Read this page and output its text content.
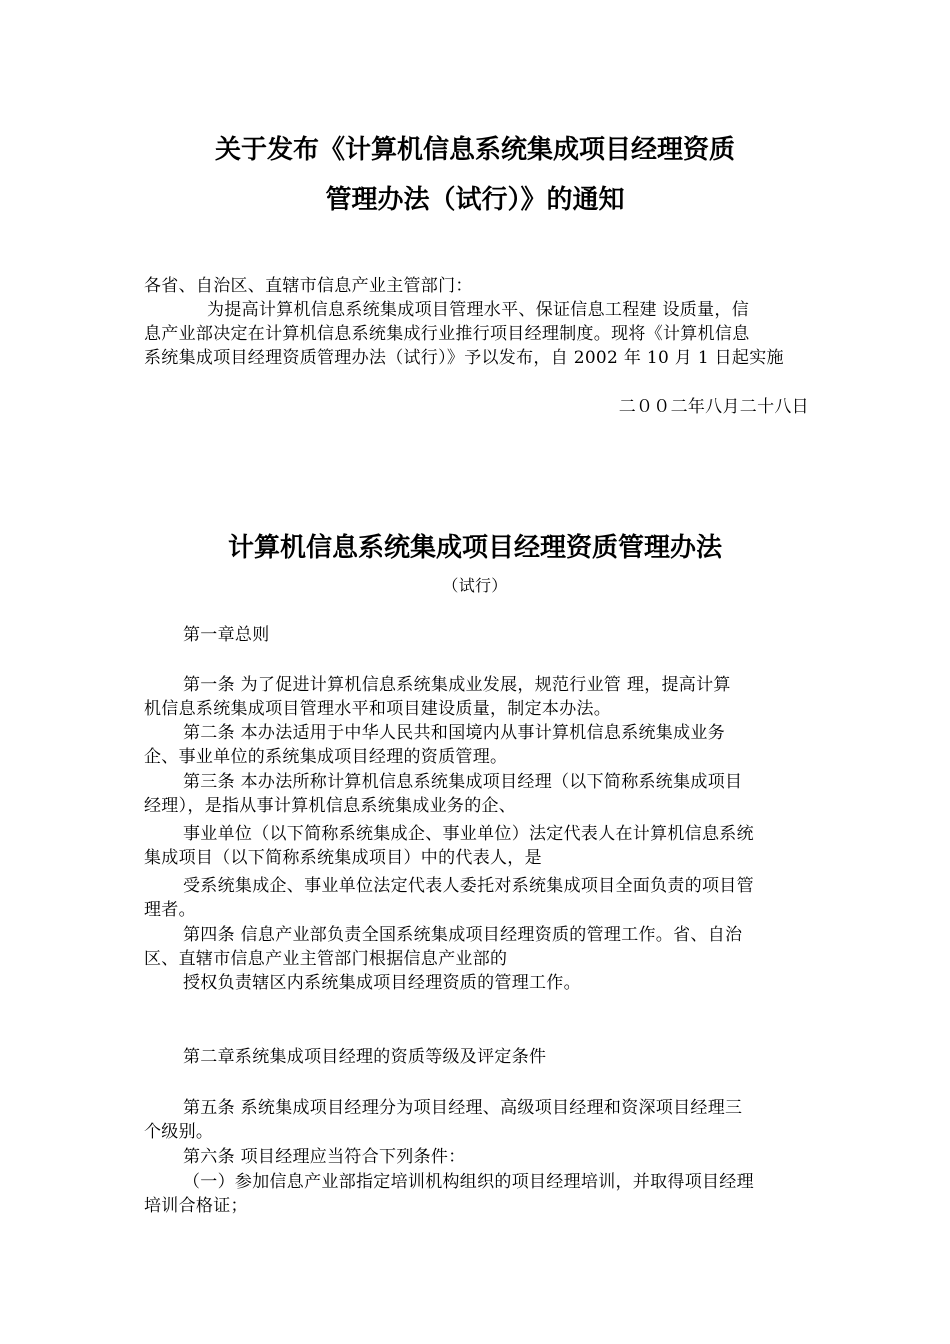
关于发布《计算机信息系统集成项目经理资质
管理办法（试行）》的通知
各省、自治区、直辖市信息产业主管部门：
为提高计算机信息系统集成项目管理水平、保证信息工程建 设质量，信
息产业部决定在计算机信息系统集成行业推行项目经理制度。现将《计算机信息
系统集成项目经理资质管理办法（试行）》予以发布，自 2002 年 10 月 1 日起实施
二００二年八月二十八日
计算机信息系统集成项目经理资质管理办法
（试行）
第一章总则
第一条 为了促进计算机信息系统集成业发展，规范行业管 理，提高计算
机信息系统集成项目管理水平和项目建设质量，制定本办法。
第二条 本办法适用于中华人民共和国境内从事计算机信息系统集成业务
企、事业单位的系统集成项目经理的资质管理。
第三条 本办法所称计算机信息系统集成项目经理（以下简称系统集成项目
经理），是指从事计算机信息系统集成业务的企、
事业单位（以下简称系统集成企、事业单位）法定代表人在计算机信息系统
集成项目（以下简称系统集成项目）中的代表人，是
受系统集成企、事业单位法定代表人委托对系统集成项目全面负责的项目管
理者。
第四条 信息产业部负责全国系统集成项目经理资质的管理工作。省、自治
区、直辖市信息产业主管部门根据信息产业部的
授权负责辖区内系统集成项目经理资质的管理工作。
第二章系统集成项目经理的资质等级及评定条件
第五条 系统集成项目经理分为项目经理、高级项目经理和资深项目经理三
个级别。
第六条 项目经理应当符合下列条件：
（一）参加信息产业部指定培训机构组织的项目经理培训，并取得项目经理
培训合格证；
